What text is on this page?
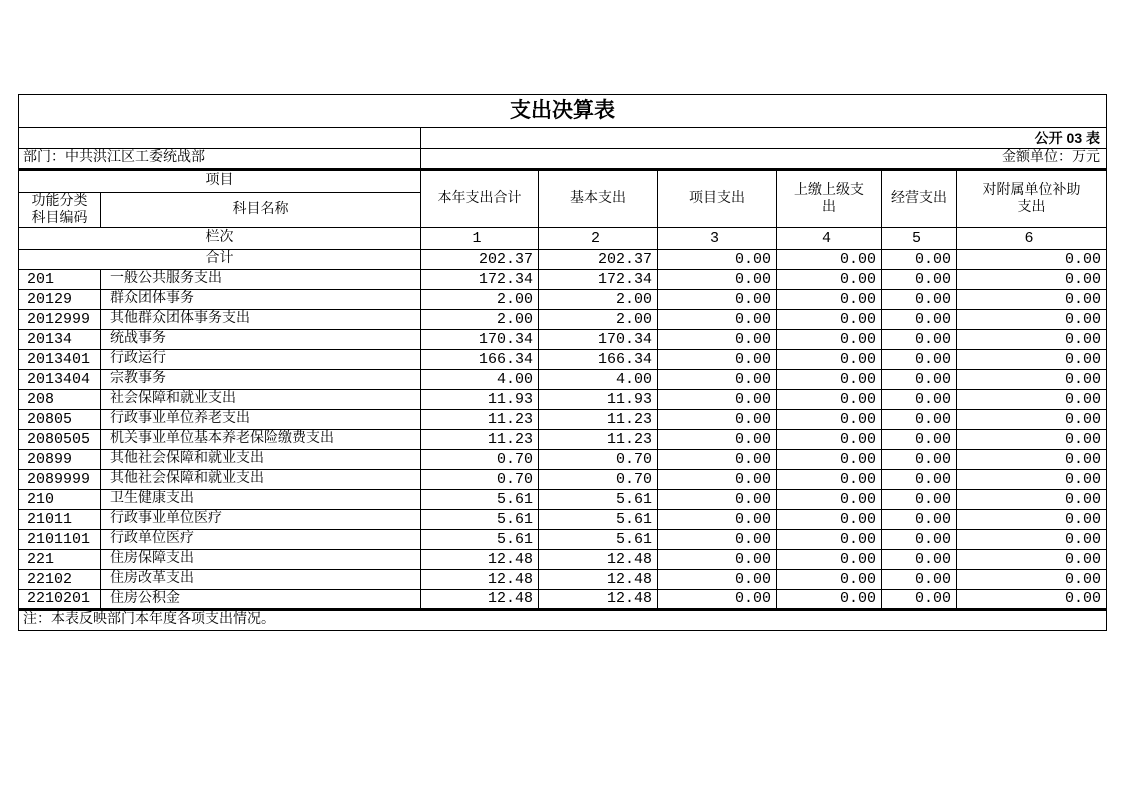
支出决算表							
		公开 03 表					
部门：中共洪江区工委统战部		金额单位：万元					
项目		本年支出合计	基本支出	项目支出	上缴上级支出	经营支出	对附属单位补助支出
功能分类科目编码	科目名称						
栏次		1	2	3	4	5	6
合计		202.37	202.37	0.00	0.00	0.00	0.00
201	一般公共服务支出	172.34	172.34	0.00	0.00	0.00	0.00
20129	群众团体事务	2.00	2.00	0.00	0.00	0.00	0.00
2012999	其他群众团体事务支出	2.00	2.00	0.00	0.00	0.00	0.00
20134	统战事务	170.34	170.34	0.00	0.00	0.00	0.00
2013401	行政运行	166.34	166.34	0.00	0.00	0.00	0.00
2013404	宗教事务	4.00	4.00	0.00	0.00	0.00	0.00
208	社会保障和就业支出	11.93	11.93	0.00	0.00	0.00	0.00
20805	行政事业单位养老支出	11.23	11.23	0.00	0.00	0.00	0.00
2080505	机关事业单位基本养老保险缴费支出	11.23	11.23	0.00	0.00	0.00	0.00
20899	其他社会保障和就业支出	0.70	0.70	0.00	0.00	0.00	0.00
2089999	其他社会保障和就业支出	0.70	0.70	0.00	0.00	0.00	0.00
210	卫生健康支出	5.61	5.61	0.00	0.00	0.00	0.00
21011	行政事业单位医疗	5.61	5.61	0.00	0.00	0.00	0.00
2101101	行政单位医疗	5.61	5.61	0.00	0.00	0.00	0.00
221	住房保障支出	12.48	12.48	0.00	0.00	0.00	0.00
22102	住房改革支出	12.48	12.48	0.00	0.00	0.00	0.00
2210201	住房公积金	12.48	12.48	0.00	0.00	0.00	0.00
注：本表反映部门本年度各项支出情况。							
